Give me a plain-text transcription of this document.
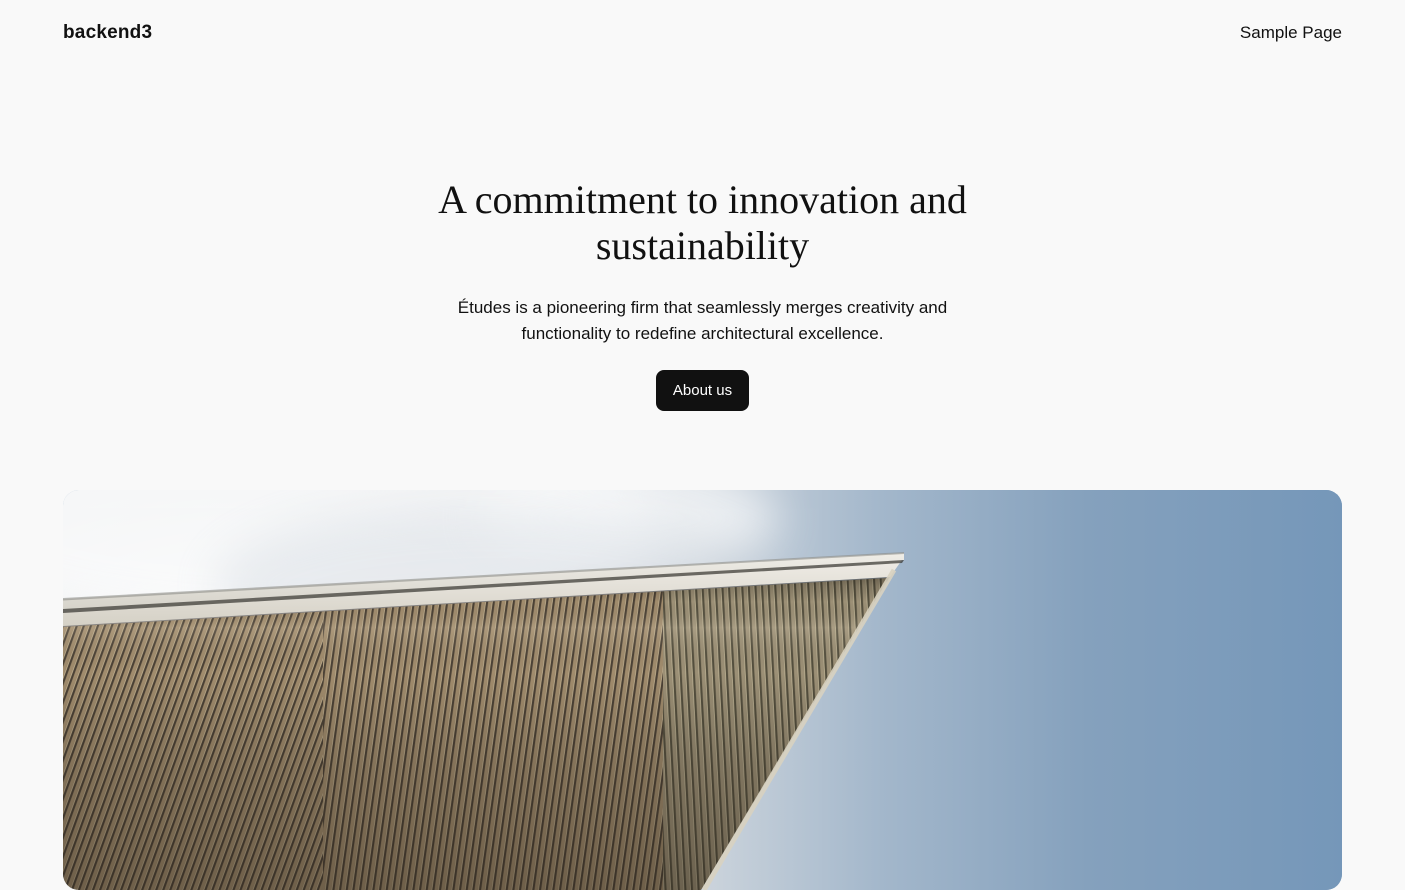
backend3	Sample Page
A commitment to innovation and sustainability

Études is a pioneering firm that seamlessly merges creativity and functionality to redefine architectural excellence.

About us
